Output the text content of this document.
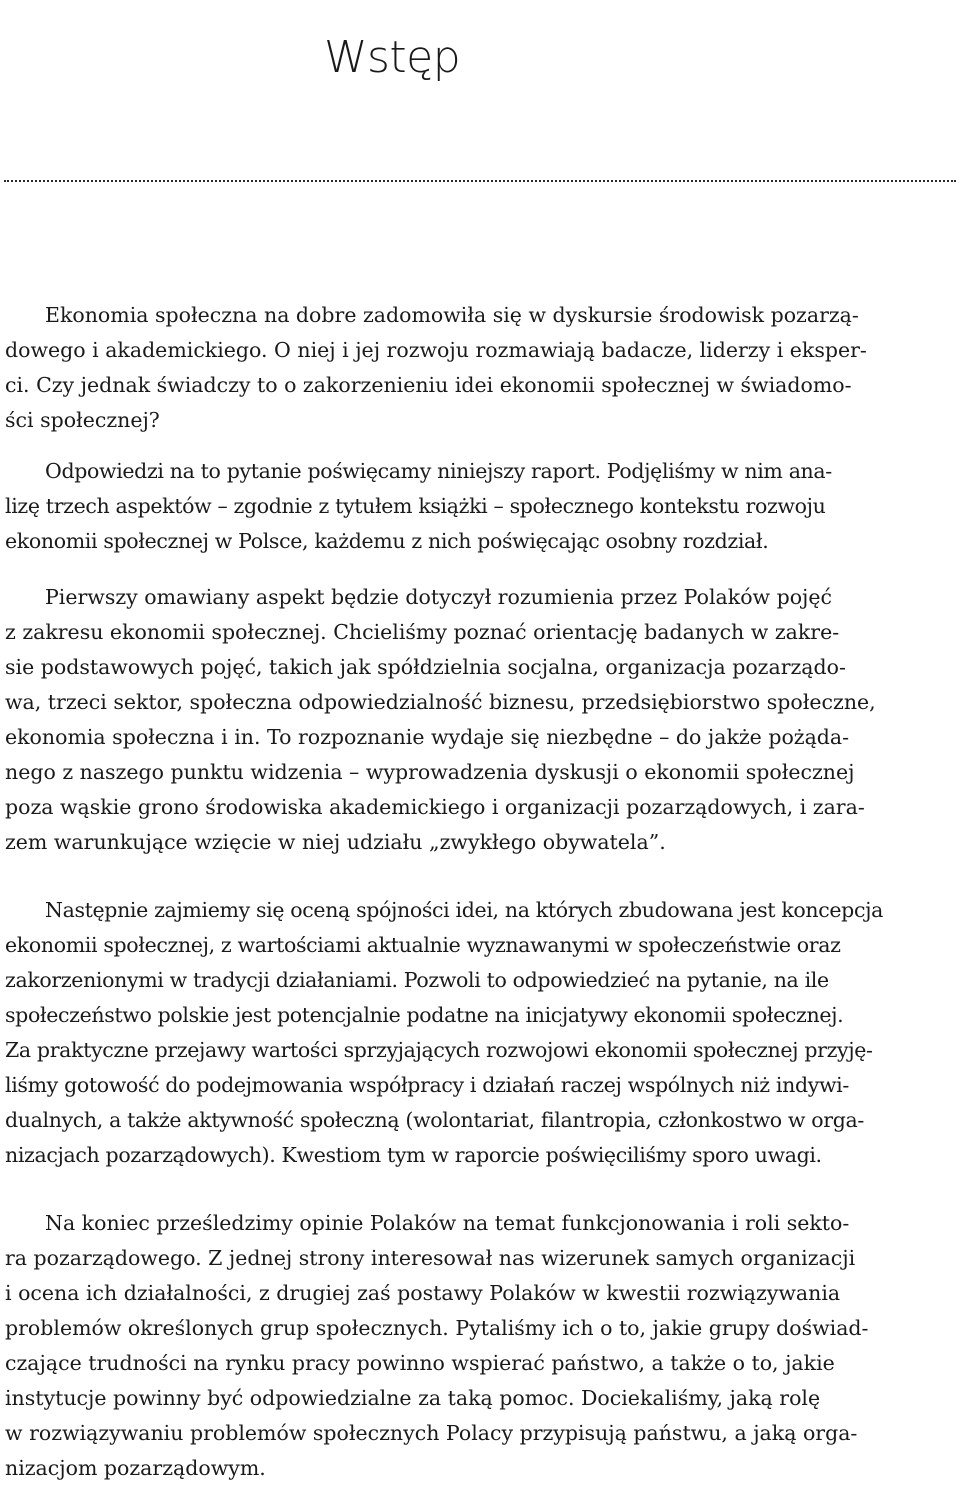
Wstęp

Ekonomia społeczna na dobre zadomowiła się w dyskursie środowisk pozarzą-
dowego i akademickiego. O niej i jej rozwoju rozmawiają badacze, liderzy i eksper-
ci. Czy jednak świadczy to o zakorzenieniu idei ekonomii społecznej w świadomo-
ści społecznej?

Odpowiedzi na to pytanie poświęcamy niniejszy raport. Podjęliśmy w nim ana-
lizę trzech aspektów – zgodnie z tytułem książki – społecznego kontekstu rozwoju
ekonomii społecznej w Polsce, każdemu z nich poświęcając osobny rozdział.

Pierwszy omawiany aspekt będzie dotyczył rozumienia przez Polaków pojęć
z zakresu ekonomii społecznej. Chcieliśmy poznać orientację badanych w zakre-
sie podstawowych pojęć, takich jak spółdzielnia socjalna, organizacja pozarządo-
wa, trzeci sektor, społeczna odpowiedzialność biznesu, przedsiębiorstwo społeczne,
ekonomia społeczna i in. To rozpoznanie wydaje się niezbędne – do jakże pożąda-
nego z naszego punktu widzenia – wyprowadzenia dyskusji o ekonomii społecznej
poza wąskie grono środowiska akademickiego i organizacji pozarządowych, i zara-
zem warunkujące wzięcie w niej udziału „zwykłego obywatela”.

Następnie zajmiemy się oceną spójności idei, na których zbudowana jest koncepcja
ekonomii społecznej, z wartościami aktualnie wyznawanymi w społeczeństwie oraz
zakorzenionymi w tradycji działaniami. Pozwoli to odpowiedzieć na pytanie, na ile
społeczeństwo polskie jest potencjalnie podatne na inicjatywy ekonomii społecznej.
Za praktyczne przejawy wartości sprzyjających rozwojowi ekonomii społecznej przyję-
liśmy gotowość do podejmowania współpracy i działań raczej wspólnych niż indywi-
dualnych, a także aktywność społeczną (wolontariat, filantropia, członkostwo w orga-
nizacjach pozarządowych). Kwestiom tym w raporcie poświęciliśmy sporo uwagi.

Na koniec prześledzimy opinie Polaków na temat funkcjonowania i roli sekto-
ra pozarządowego. Z jednej strony interesował nas wizerunek samych organizacji
i ocena ich działalności, z drugiej zaś postawy Polaków w kwestii rozwiązywania
problemów określonych grup społecznych. Pytaliśmy ich o to, jakie grupy doświad-
czające trudności na rynku pracy powinno wspierać państwo, a także o to, jakie
instytucje powinny być odpowiedzialne za taką pomoc. Dociekaliśmy, jaką rolę
w rozwiązywaniu problemów społecznych Polacy przypisują państwu, a jaką orga-
nizacjom pozarządowym.
